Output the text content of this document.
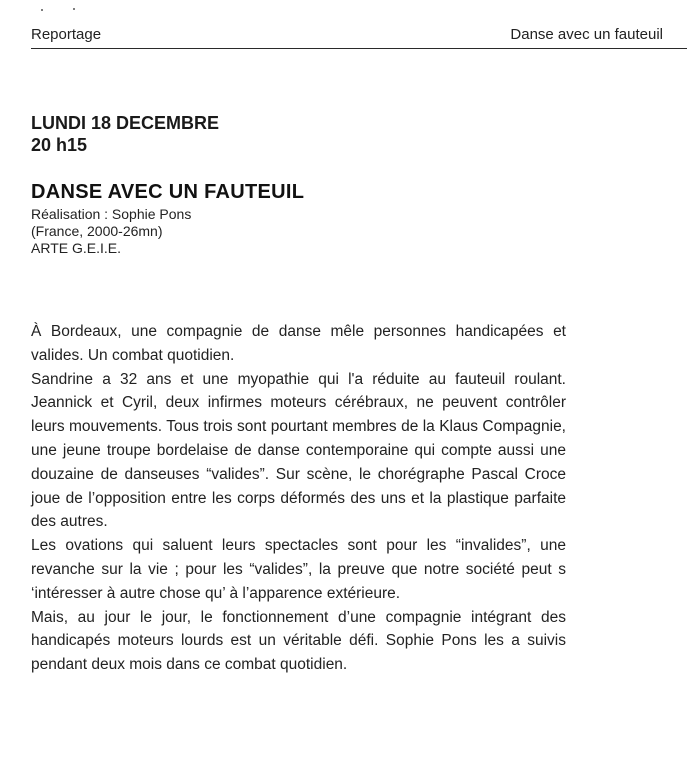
Reportage	Danse avec un fauteuil
LUNDI 18 DECEMBRE
20 h15
DANSE AVEC UN FAUTEUIL
Réalisation : Sophie Pons
(France, 2000-26mn)
ARTE G.E.I.E.

À Bordeaux, une compagnie de danse mêle personnes handicapées et valides. Un combat quotidien.

Sandrine a 32 ans et une myopathie qui l'a réduite au fauteuil roulant. Jeannick et Cyril, deux infirmes moteurs cérébraux, ne peuvent contrôler leurs mouvements. Tous trois sont pourtant membres de la Klaus Compagnie, une jeune troupe bordelaise de danse contemporaine qui compte aussi une douzaine de danseuses “valides”. Sur scène, le chorégraphe Pascal Croce joue de l’opposition entre les corps déformés des uns et la plastique parfaite des autres.

Les ovations qui saluent leurs spectacles sont pour les “invalides”, une revanche sur la vie ; pour les “valides”, la preuve que notre société peut s ‘intéresser à autre chose qu’ à l’apparence extérieure.

Mais, au jour le jour, le fonctionnement d’une compagnie intégrant des handicapés moteurs lourds est un véritable défi. Sophie Pons les a suivis pendant deux mois dans ce combat quotidien.
